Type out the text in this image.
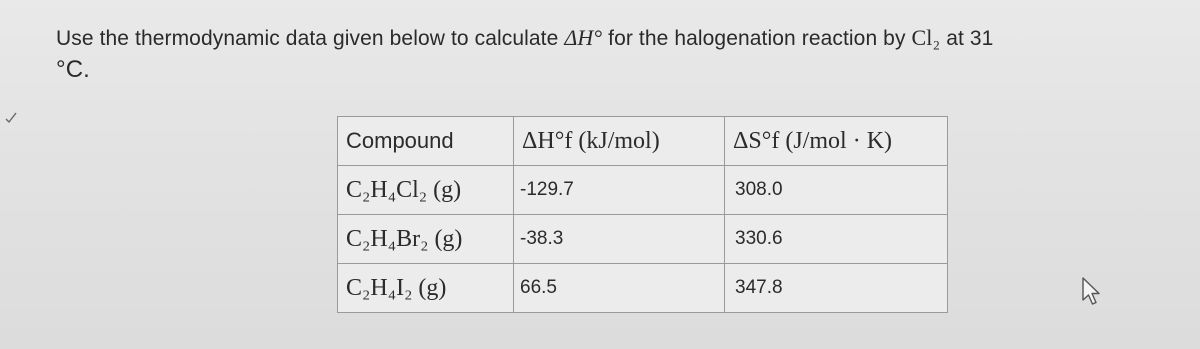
Use the thermodynamic data given below to calculate ΔH° for the halogenation reaction by Cl₂ at 31
°C.
Compound	ΔH°f (kJ/mol)	ΔS°f (J/mol · K)
C₂H₄Cl₂ (g)	-129.7	308.0
C₂H₄Br₂ (g)	-38.3	330.6
C₂H₄I₂ (g)	66.5	347.8
